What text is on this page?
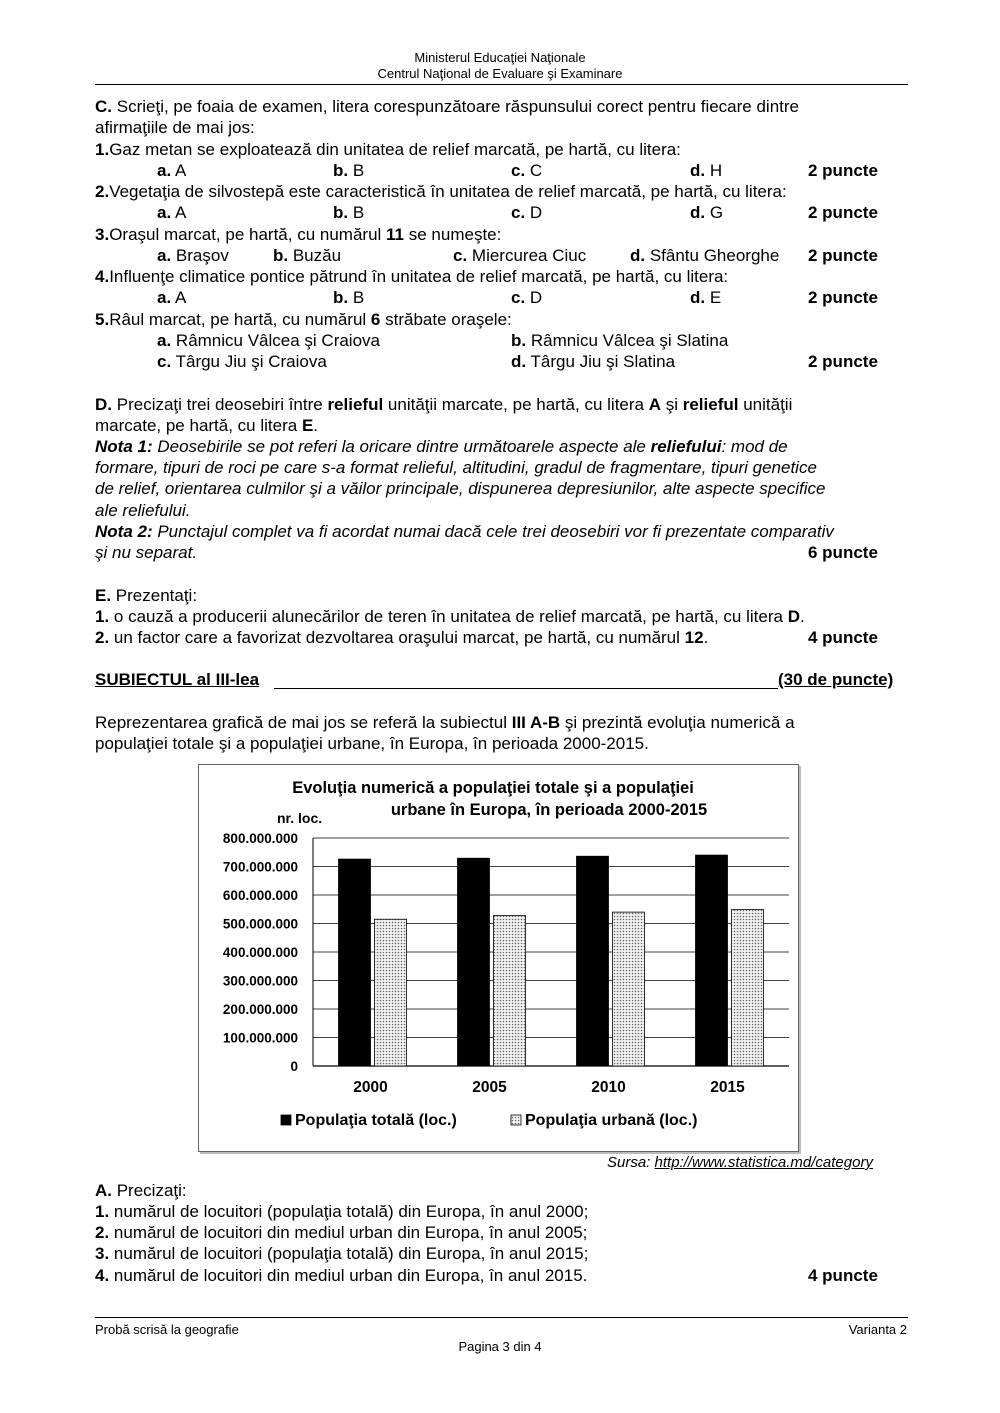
Ministerul Educaţiei Naţionale
Centrul Naţional de Evaluare şi Examinare
C. Scrieţi, pe foaia de examen, litera corespunzătoare răspunsului corect pentru fiecare dintre
afirmaţiile de mai jos:
1.Gaz metan se exploatează din unitatea de relief marcată, pe hartă, cu litera:
a. A	b. B	c. C	d. H	2 puncte
2.Vegetaţia de silvostepă este caracteristică în unitatea de relief marcată, pe hartă, cu litera:
a. A	b. B	c. D	d. G	2 puncte
3.Oraşul marcat, pe hartă, cu numărul 11 se numeşte:
a. Braşov	b. Buzău	c. Miercurea Ciuc	d. Sfântu Gheorghe 2 puncte
4.Influenţe climatice pontice pătrund în unitatea de relief marcată, pe hartă, cu litera:
a. A	b. B	c. D	d. E	2 puncte
5.Râul marcat, pe hartă, cu numărul 6 străbate oraşele:
a. Râmnicu Vâlcea şi Craiova	b. Râmnicu Vâlcea şi Slatina
c. Târgu Jiu şi Craiova	d. Târgu Jiu şi Slatina	2 puncte
D. Precizaţi trei deosebiri între relieful unităţii marcate, pe hartă, cu litera A şi relieful unităţii
marcate, pe hartă, cu litera E.
Nota 1: Deosebirile se pot referi la oricare dintre următoarele aspecte ale reliefului: mod de
formare, tipuri de roci pe care s-a format relieful, altitudini, gradul de fragmentare, tipuri genetice
de relief, orientarea culmilor şi a văilor principale, dispunerea depresiunilor, alte aspecte specifice
ale reliefului.
Nota 2: Punctajul complet va fi acordat numai dacă cele trei deosebiri vor fi prezentate comparativ
şi nu separat.	6 puncte
E. Prezentaţi:
1. o cauză a producerii alunecărilor de teren în unitatea de relief marcată, pe hartă, cu litera D.
2. un factor care a favorizat dezvoltarea oraşului marcat, pe hartă, cu numărul 12.	4 puncte
SUBIECTUL al III-lea	(30 de puncte)
Reprezentarea grafică de mai jos se referă la subiectul III A-B şi prezintă evoluţia numerică a
populaţiei totale şi a populaţiei urbane, în Europa, în perioada 2000-2015.
Evoluţia numerică a populaţiei totale şi a populaţiei
urbane în Europa, în perioada 2000-2015
nr. loc.
0
100.000.000
200.000.000
300.000.000
400.000.000
500.000.000
600.000.000
700.000.000
800.000.000
2000	2005	2010	2015
Populaţia totală (loc.)	Populaţia urbană (loc.)
Sursa: http://www.statistica.md/category
A. Precizaţi:
1. numărul de locuitori (populaţia totală) din Europa, în anul 2000;
2. numărul de locuitori din mediul urban din Europa, în anul 2005;
3. numărul de locuitori (populaţia totală) din Europa, în anul 2015;
4. numărul de locuitori din mediul urban din Europa, în anul 2015.	4 puncte
Probă scrisă la geografie
Pagina 3 din 4
Varianta 2
